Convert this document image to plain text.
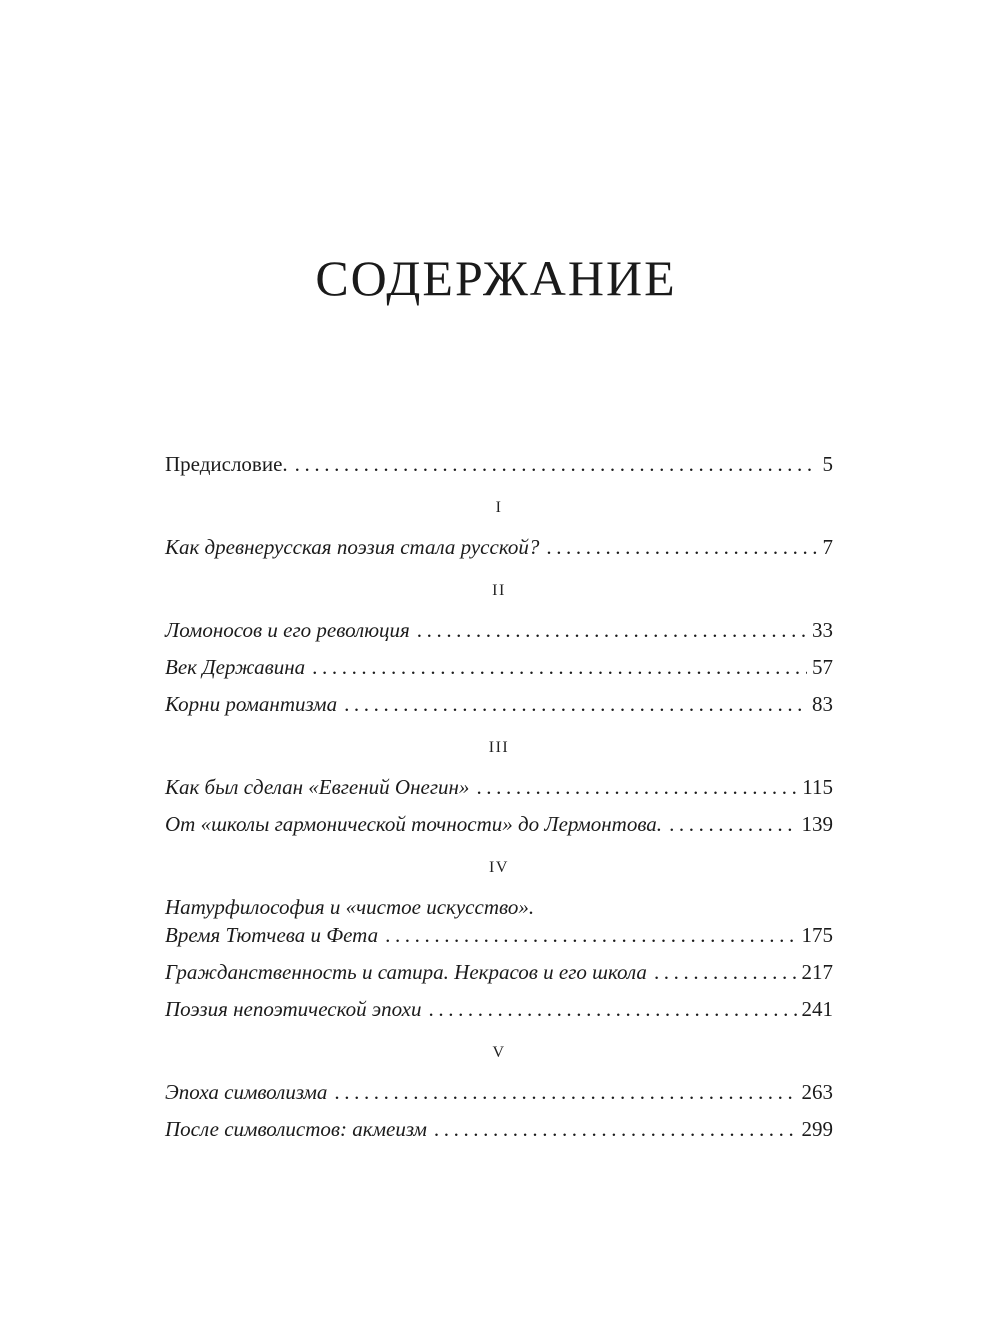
СОДЕРЖАНИЕ
Предисловие. .....	5
I
Как древнерусская поэзия стала русской? .....	7
II
Ломоносов и его революция .....	33
Век Державина .....	57
Корни романтизма .....	83
III
Как был сделан «Евгений Онегин» .....	115
От «школы гармонической точности» до Лермонтова. .....	139
IV
Натурфилософия и «чистое искусство».
Время Тютчева и Фета .....	175
Гражданственность и сатира. Некрасов и его школа .....	217
Поэзия непоэтической эпохи .....	241
V
Эпоха символизма .....	263
После символистов: акмеизм .....	299
